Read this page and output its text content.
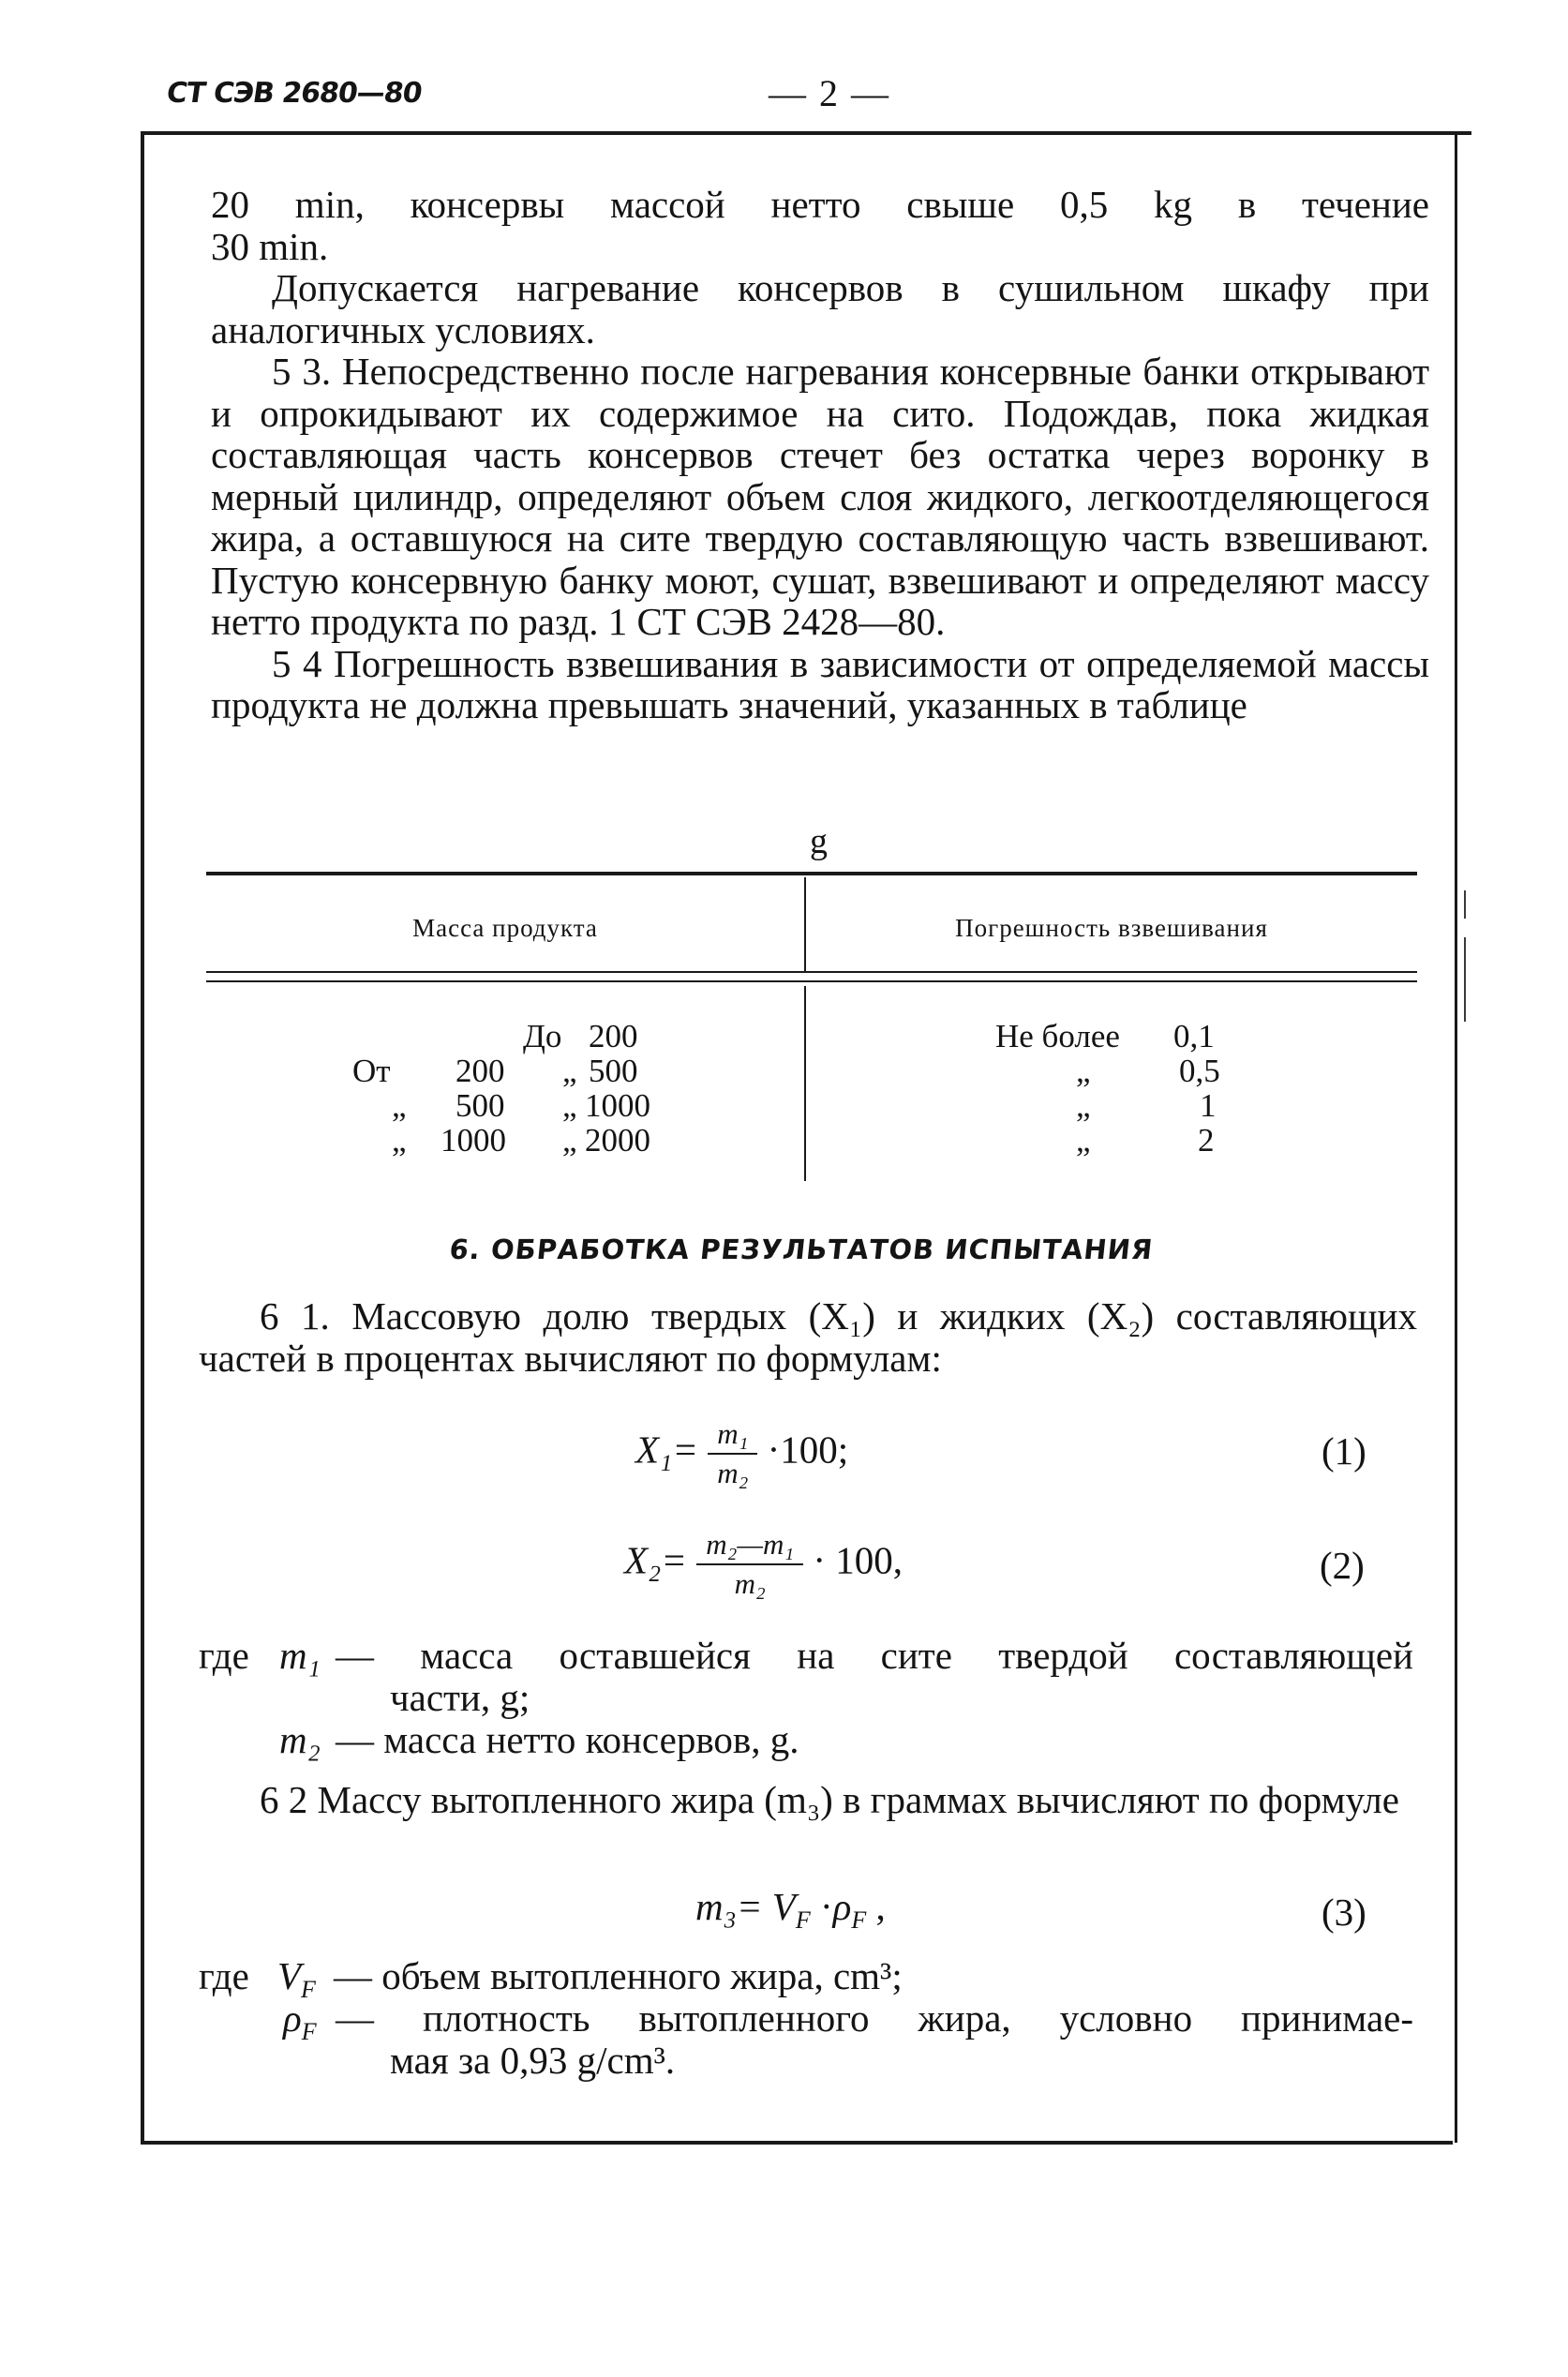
СТ СЭВ 2680—80	— 2 —

20 min, консервы массой нетто свыше 0,5 kg в течение

30 min.

Допускается нагревание консервов в сушильном шкафу при аналогичных условиях.

5 3. Непосредственно после нагревания консервные банки открывают и опрокидывают их содержимое на сито. Подождав, пока жидкая составляющая часть консервов стечет без остатка через воронку в мерный цилиндр, определяют объем слоя жидкого, легкоотделяющегося жира, а оставшуюся на сите твердую составляющую часть взвешивают. Пустую консервную банку моют, сушат, взвешивают и определяют массу нетто продукта по разд. 1 СТ СЭВ 2428—80.

5 4 Погрешность взвешивания в зависимости от определяемой массы продукта не должна превышать значений, указанных в таблице

g
Масса продукта	Погрешность взвешивания
До 200	Не более 0,1
От 200 „ 500	„	0,5
„ 500 „ 1000	„	1
„ 1000 „ 2000	„	2
6. ОБРАБОТКА РЕЗУЛЬТАТОВ ИСПЫТАНИЯ

6 1. Массовую долю твердых (X₁) и жидких (X₂) составляющих частей в процентах вычисляют по формулам:

$X_1= \frac{\text{m₁}}{\text{m₂}} \cdot 100$;	(1)
$X_2= \frac{\text{m₂—m₁}}{\text{m₂}} \cdot 100$,	(2)
где m₁ — масса оставшейся на сите твердой составляющей
части, g;
m₂ — масса нетто консервов, g.

6 2 Массу вытопленного жира (m₃) в граммах вычисляют по формуле

$m_3= V_F \cdot\rho_F$ ,	(3)
где $V_F$ — объем вытопленного жира, cm³;
$\rho_F$ — плотность вытопленного жира, условно принимае-
мая за 0,93 g/cm³.
